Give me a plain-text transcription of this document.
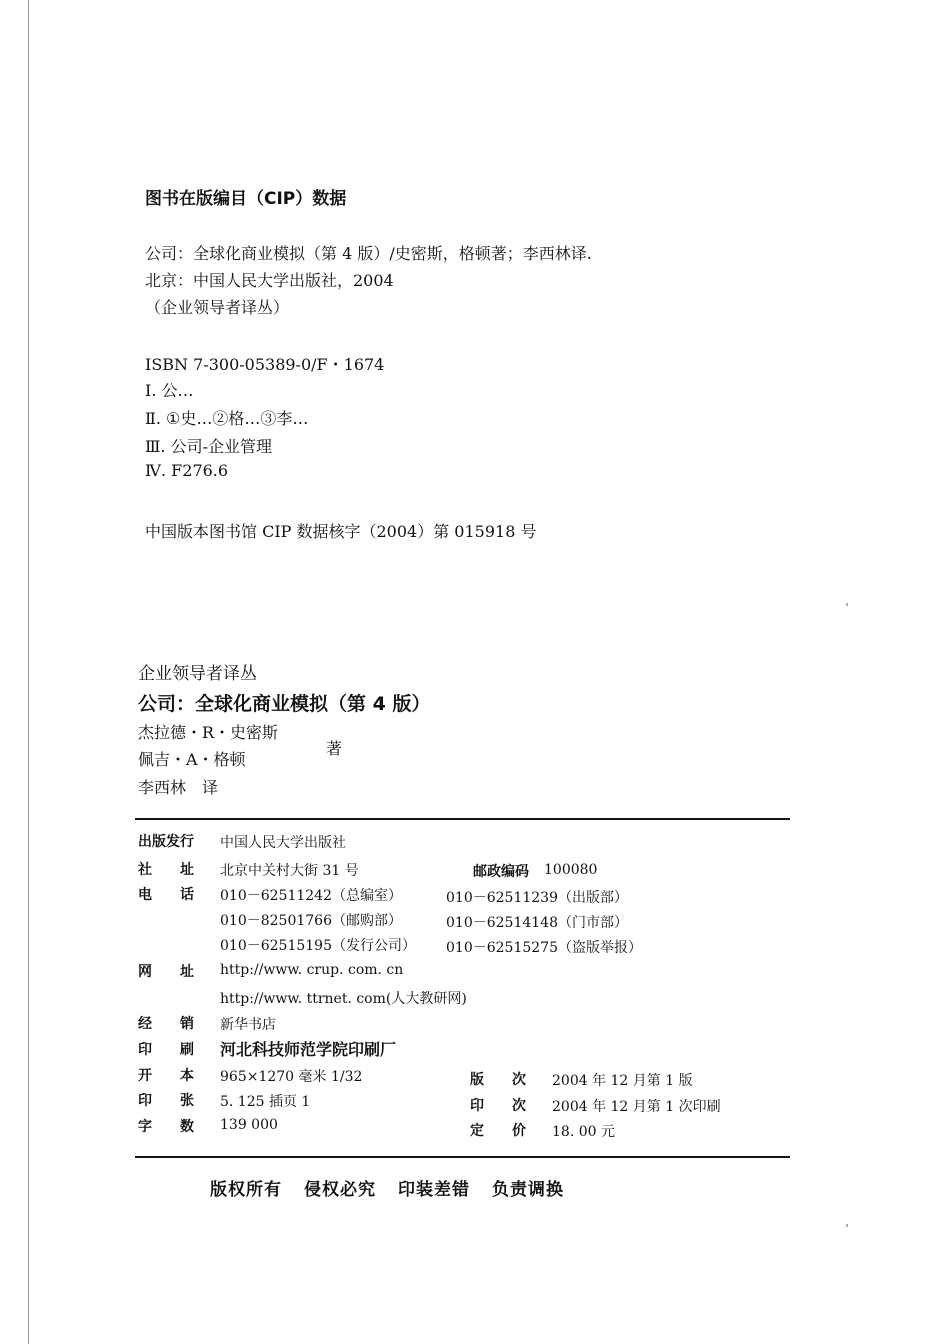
图书在版编目（CIP）数据
公司：全球化商业模拟（第 4 版）/史密斯，格顿著；李西林译.
北京：中国人民大学出版社，2004
（企业领导者译丛）
ISBN 7-300-05389-0/F・1674
Ⅰ. 公…
Ⅱ. ①史…②格…③李…
Ⅲ. 公司-企业管理
Ⅳ. F276.6
中国版本图书馆 CIP 数据核字（2004）第 015918 号
企业领导者译丛
公司：全球化商业模拟（第 4 版）
杰拉德・R・史密斯
佩吉・A・格顿
著
李西林　译
出版发行 中国人民大学出版社
社　　址 北京中关村大街 31 号	邮政编码 100080
电　　话 010－62511242（总编室）	010－62511239（出版部）
010－82501766（邮购部）	010－62514148（门市部）
010－62515195（发行公司） 010－62515275（盗版举报）
网　　址 http://www. crup. com. cn
http://www. ttrnet. com(人大教研网)
经　　销 新华书店
印　　刷 河北科技师范学院印刷厂
开　　本 965×1270 毫米 1/32	版　　次 2004 年 12 月第 1 版
印　　张 5. 125 插页 1	印　　次 2004 年 12 月第 1 次印刷
字　　数 139 000	定　　价 18. 00 元
版权所有 侵权必究 印装差错 负责调换
